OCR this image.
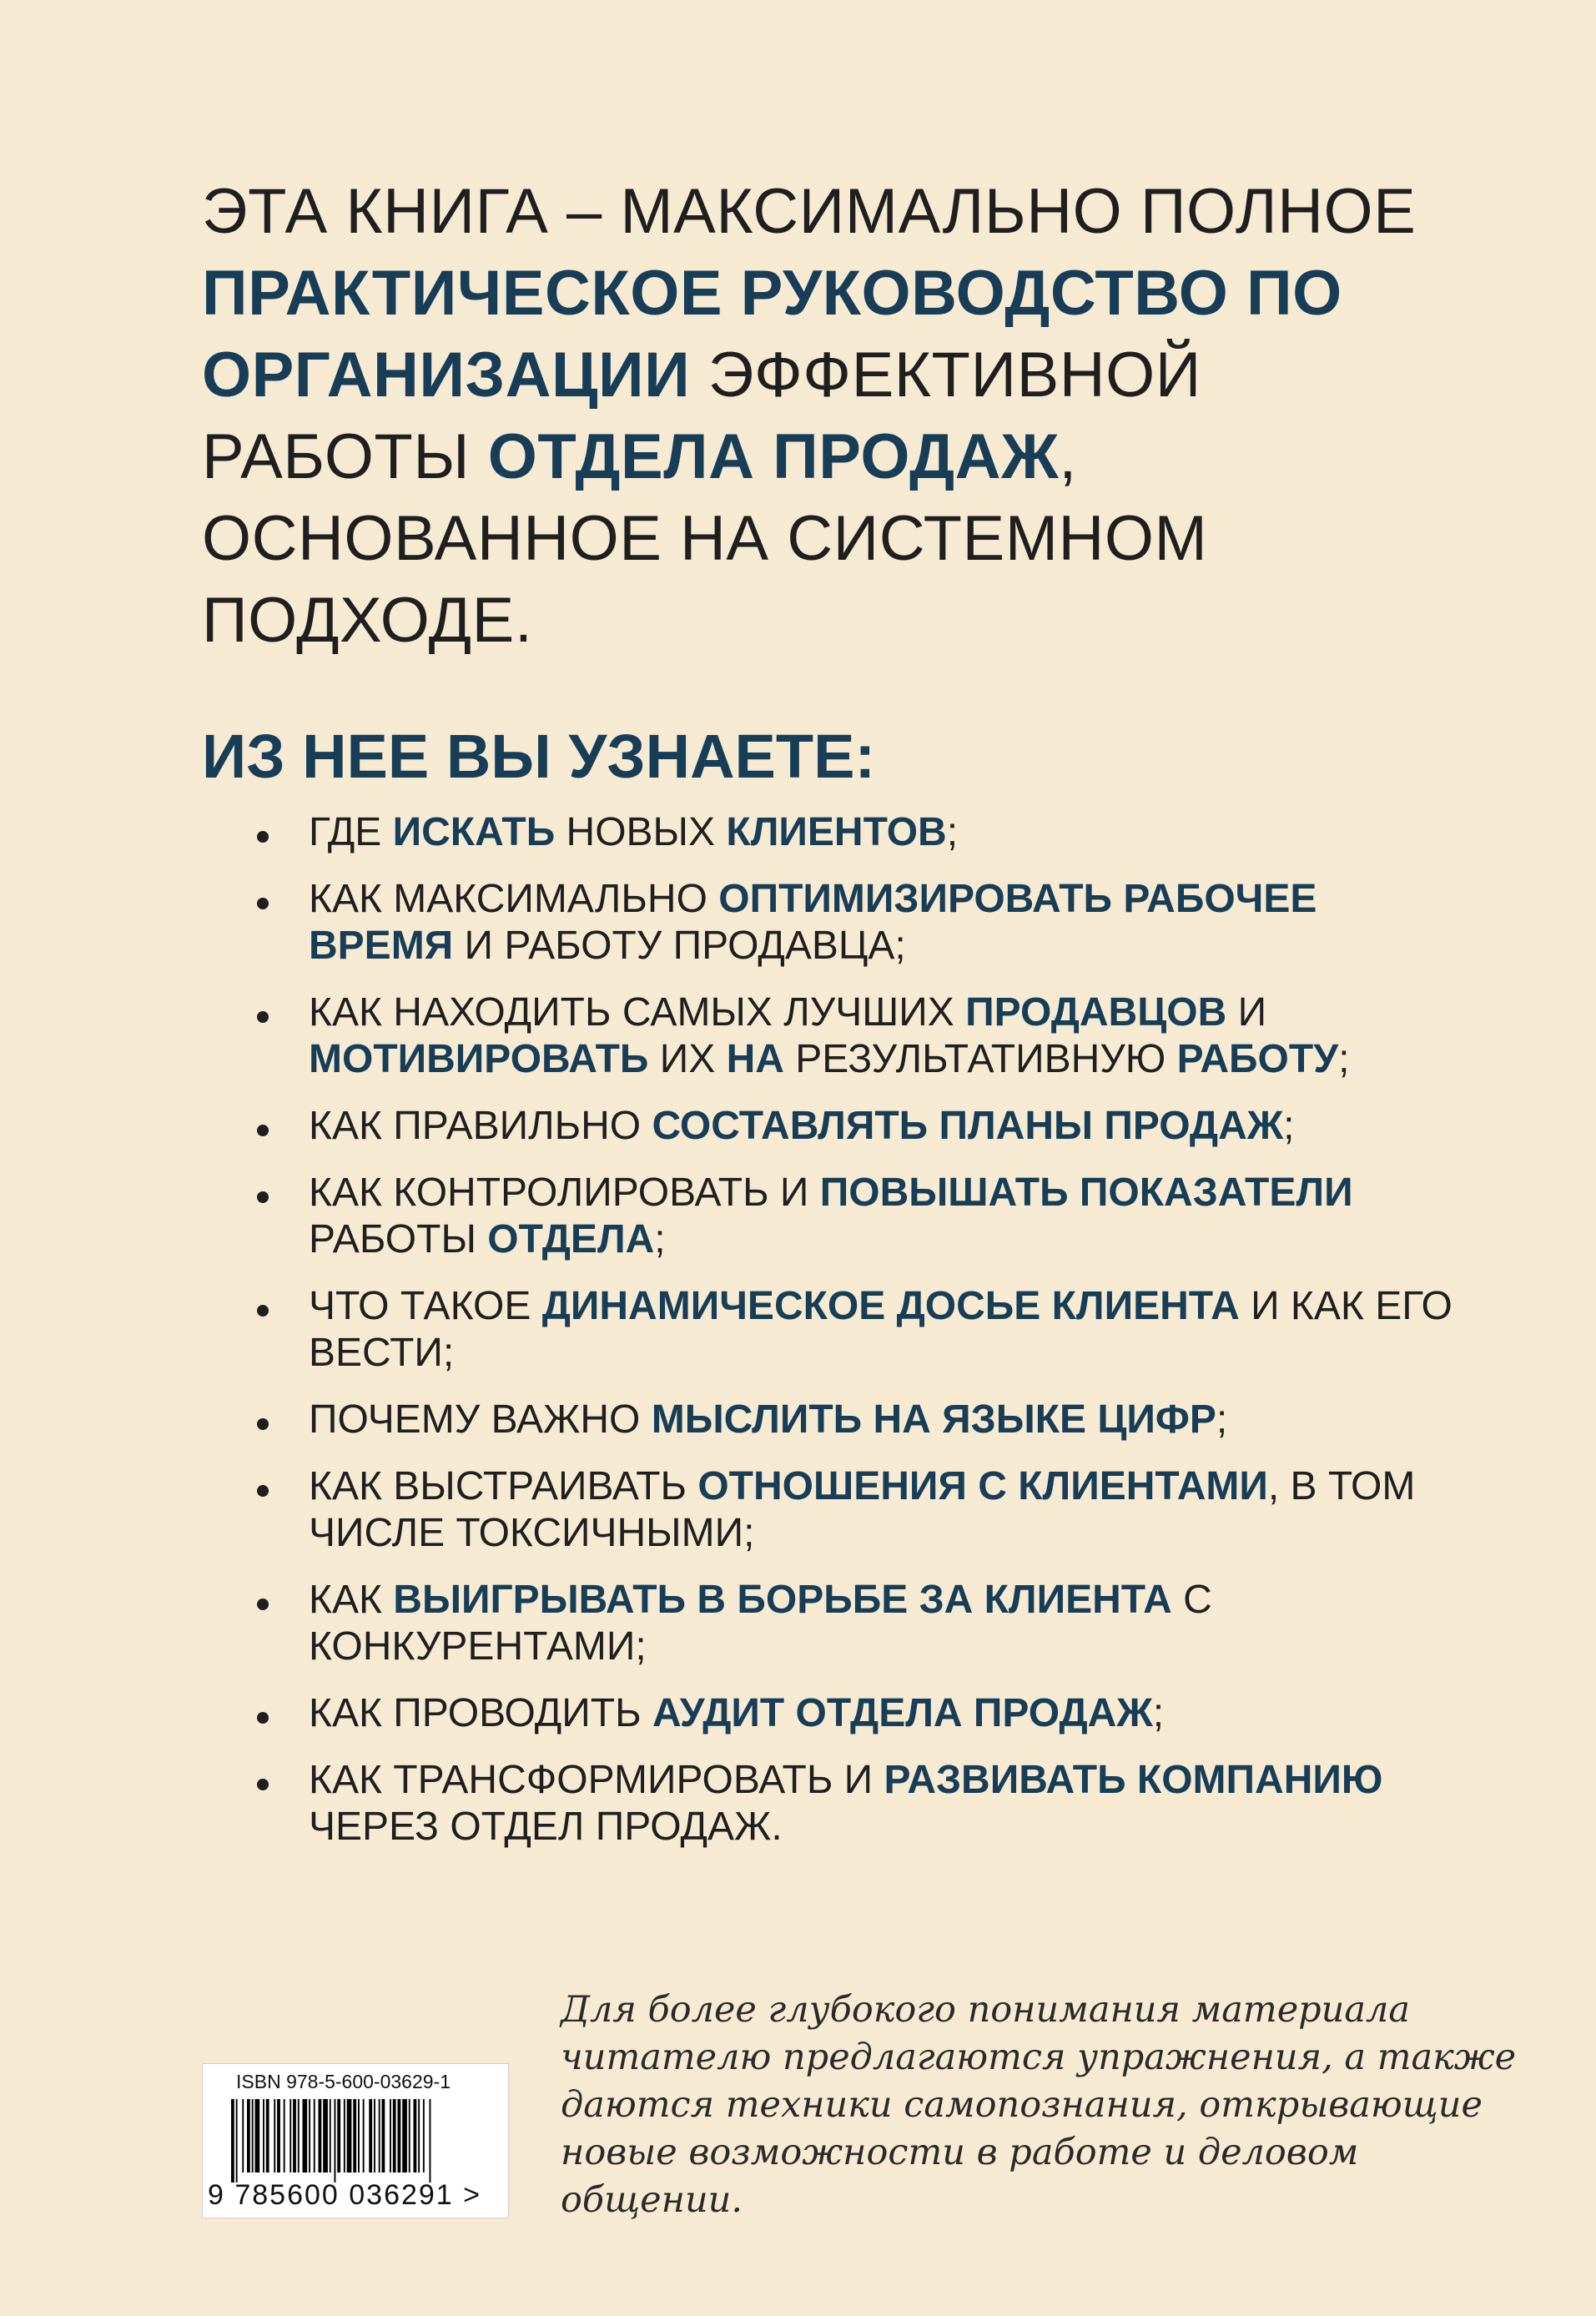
ЭТА КНИГА – МАКСИМАЛЬНО ПОЛНОЕ ПРАКТИЧЕСКОЕ РУКОВОДСТВО ПО ОРГАНИЗАЦИИ ЭФФЕКТИВНОЙ РАБОТЫ ОТДЕЛА ПРОДАЖ, ОСНОВАННОЕ НА СИСТЕМНОМ ПОДХОДЕ.

ИЗ НЕЕ ВЫ УЗНАЕТЕ:
ГДЕ ИСКАТЬ НОВЫХ КЛИЕНТОВ;
КАК МАКСИМАЛЬНО ОПТИМИЗИРОВАТЬ РАБОЧЕЕ ВРЕМЯ И РАБОТУ ПРОДАВЦА;
КАК НАХОДИТЬ САМЫХ ЛУЧШИХ ПРОДАВЦОВ И МОТИВИРОВАТЬ ИХ НА РЕЗУЛЬТАТИВНУЮ РАБОТУ;
КАК ПРАВИЛЬНО СОСТАВЛЯТЬ ПЛАНЫ ПРОДАЖ;
КАК КОНТРОЛИРОВАТЬ И ПОВЫШАТЬ ПОКАЗАТЕЛИ РАБОТЫ ОТДЕЛА;
ЧТО ТАКОЕ ДИНАМИЧЕСКОЕ ДОСЬЕ КЛИЕНТА И КАК ЕГО ВЕСТИ;
ПОЧЕМУ ВАЖНО МЫСЛИТЬ НА ЯЗЫКЕ ЦИФР;
КАК ВЫСТРАИВАТЬ ОТНОШЕНИЯ С КЛИЕНТАМИ, В ТОМ ЧИСЛЕ ТОКСИЧНЫМИ;
КАК ВЫИГРЫВАТЬ В БОРЬБЕ ЗА КЛИЕНТА С КОНКУРЕНТАМИ;
КАК ПРОВОДИТЬ АУДИТ ОТДЕЛА ПРОДАЖ;
КАК ТРАНСФОРМИРОВАТЬ И РАЗВИВАТЬ КОМПАНИЮ ЧЕРЕЗ ОТДЕЛ ПРОДАЖ.
ISBN 978-5-600-03629-1
9 785600 036291 >

Для более глубокого понимания материала читателю предлагаются упражнения, а также даются техники самопознания, открывающие новые возможности в работе и деловом общении.
